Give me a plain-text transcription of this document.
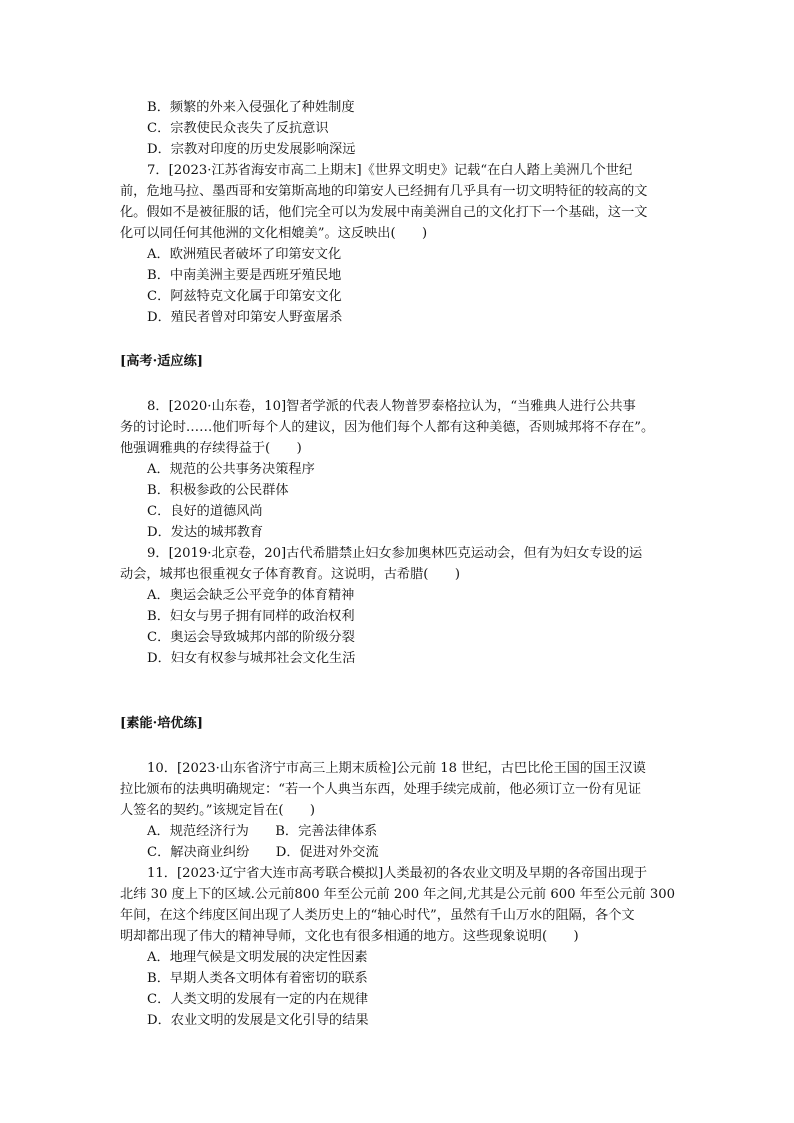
B．频繁的外来入侵强化了种姓制度
C．宗教使民众丧失了反抗意识
D．宗教对印度的历史发展影响深远
7．[2023·江苏省海安市高二上期末]《世界文明史》记载“在白人踏上美洲几个世纪
前，危地马拉、墨西哥和安第斯高地的印第安人已经拥有几乎具有一切文明特征的较高的文
化。假如不是被征服的话，他们完全可以为发展中南美洲自己的文化打下一个基础，这一文
化可以同任何其他洲的文化相媲美”。这反映出(　　)
A．欧洲殖民者破坏了印第安文化
B．中南美洲主要是西班牙殖民地
C．阿兹特克文化属于印第安文化
D．殖民者曾对印第安人野蛮屠杀
[高考·适应练]
8．[2020·山东卷，10]智者学派的代表人物普罗泰格拉认为，“当雅典人进行公共事
务的讨论时……他们听每个人的建议，因为他们每个人都有这种美德，否则城邦将不存在”。
他强调雅典的存续得益于(　　)
A．规范的公共事务决策程序
B．积极参政的公民群体
C．良好的道德风尚
D．发达的城邦教育
9．[2019·北京卷，20]古代希腊禁止妇女参加奥林匹克运动会，但有为妇女专设的运
动会，城邦也很重视女子体育教育。这说明，古希腊(　　)
A．奥运会缺乏公平竞争的体育精神
B．妇女与男子拥有同样的政治权利
C．奥运会导致城邦内部的阶级分裂
D．妇女有权参与城邦社会文化生活
[素能·培优练]
10．[2023·山东省济宁市高三上期末质检]公元前 18 世纪，古巴比伦王国的国王汉谟
拉比颁布的法典明确规定：“若一个人典当东西，处理手续完成前，他必须订立一份有见证
人签名的契约。”该规定旨在(　　)
A．规范经济行为　　B．完善法律体系
C．解决商业纠纷　　D．促进对外交流
11．[2023·辽宁省大连市高考联合模拟]人类最初的各农业文明及早期的各帝国出现于
北纬 30 度上下的区域.公元前800 年至公元前 200 年之间,尤其是公元前 600 年至公元前 300
年间，在这个纬度区间出现了人类历史上的“轴心时代”，虽然有千山万水的阻隔，各个文
明却都出现了伟大的精神导师，文化也有很多相通的地方。这些现象说明(　　)
A．地理气候是文明发展的决定性因素
B．早期人类各文明体有着密切的联系
C．人类文明的发展有一定的内在规律
D．农业文明的发展是文化引导的结果
